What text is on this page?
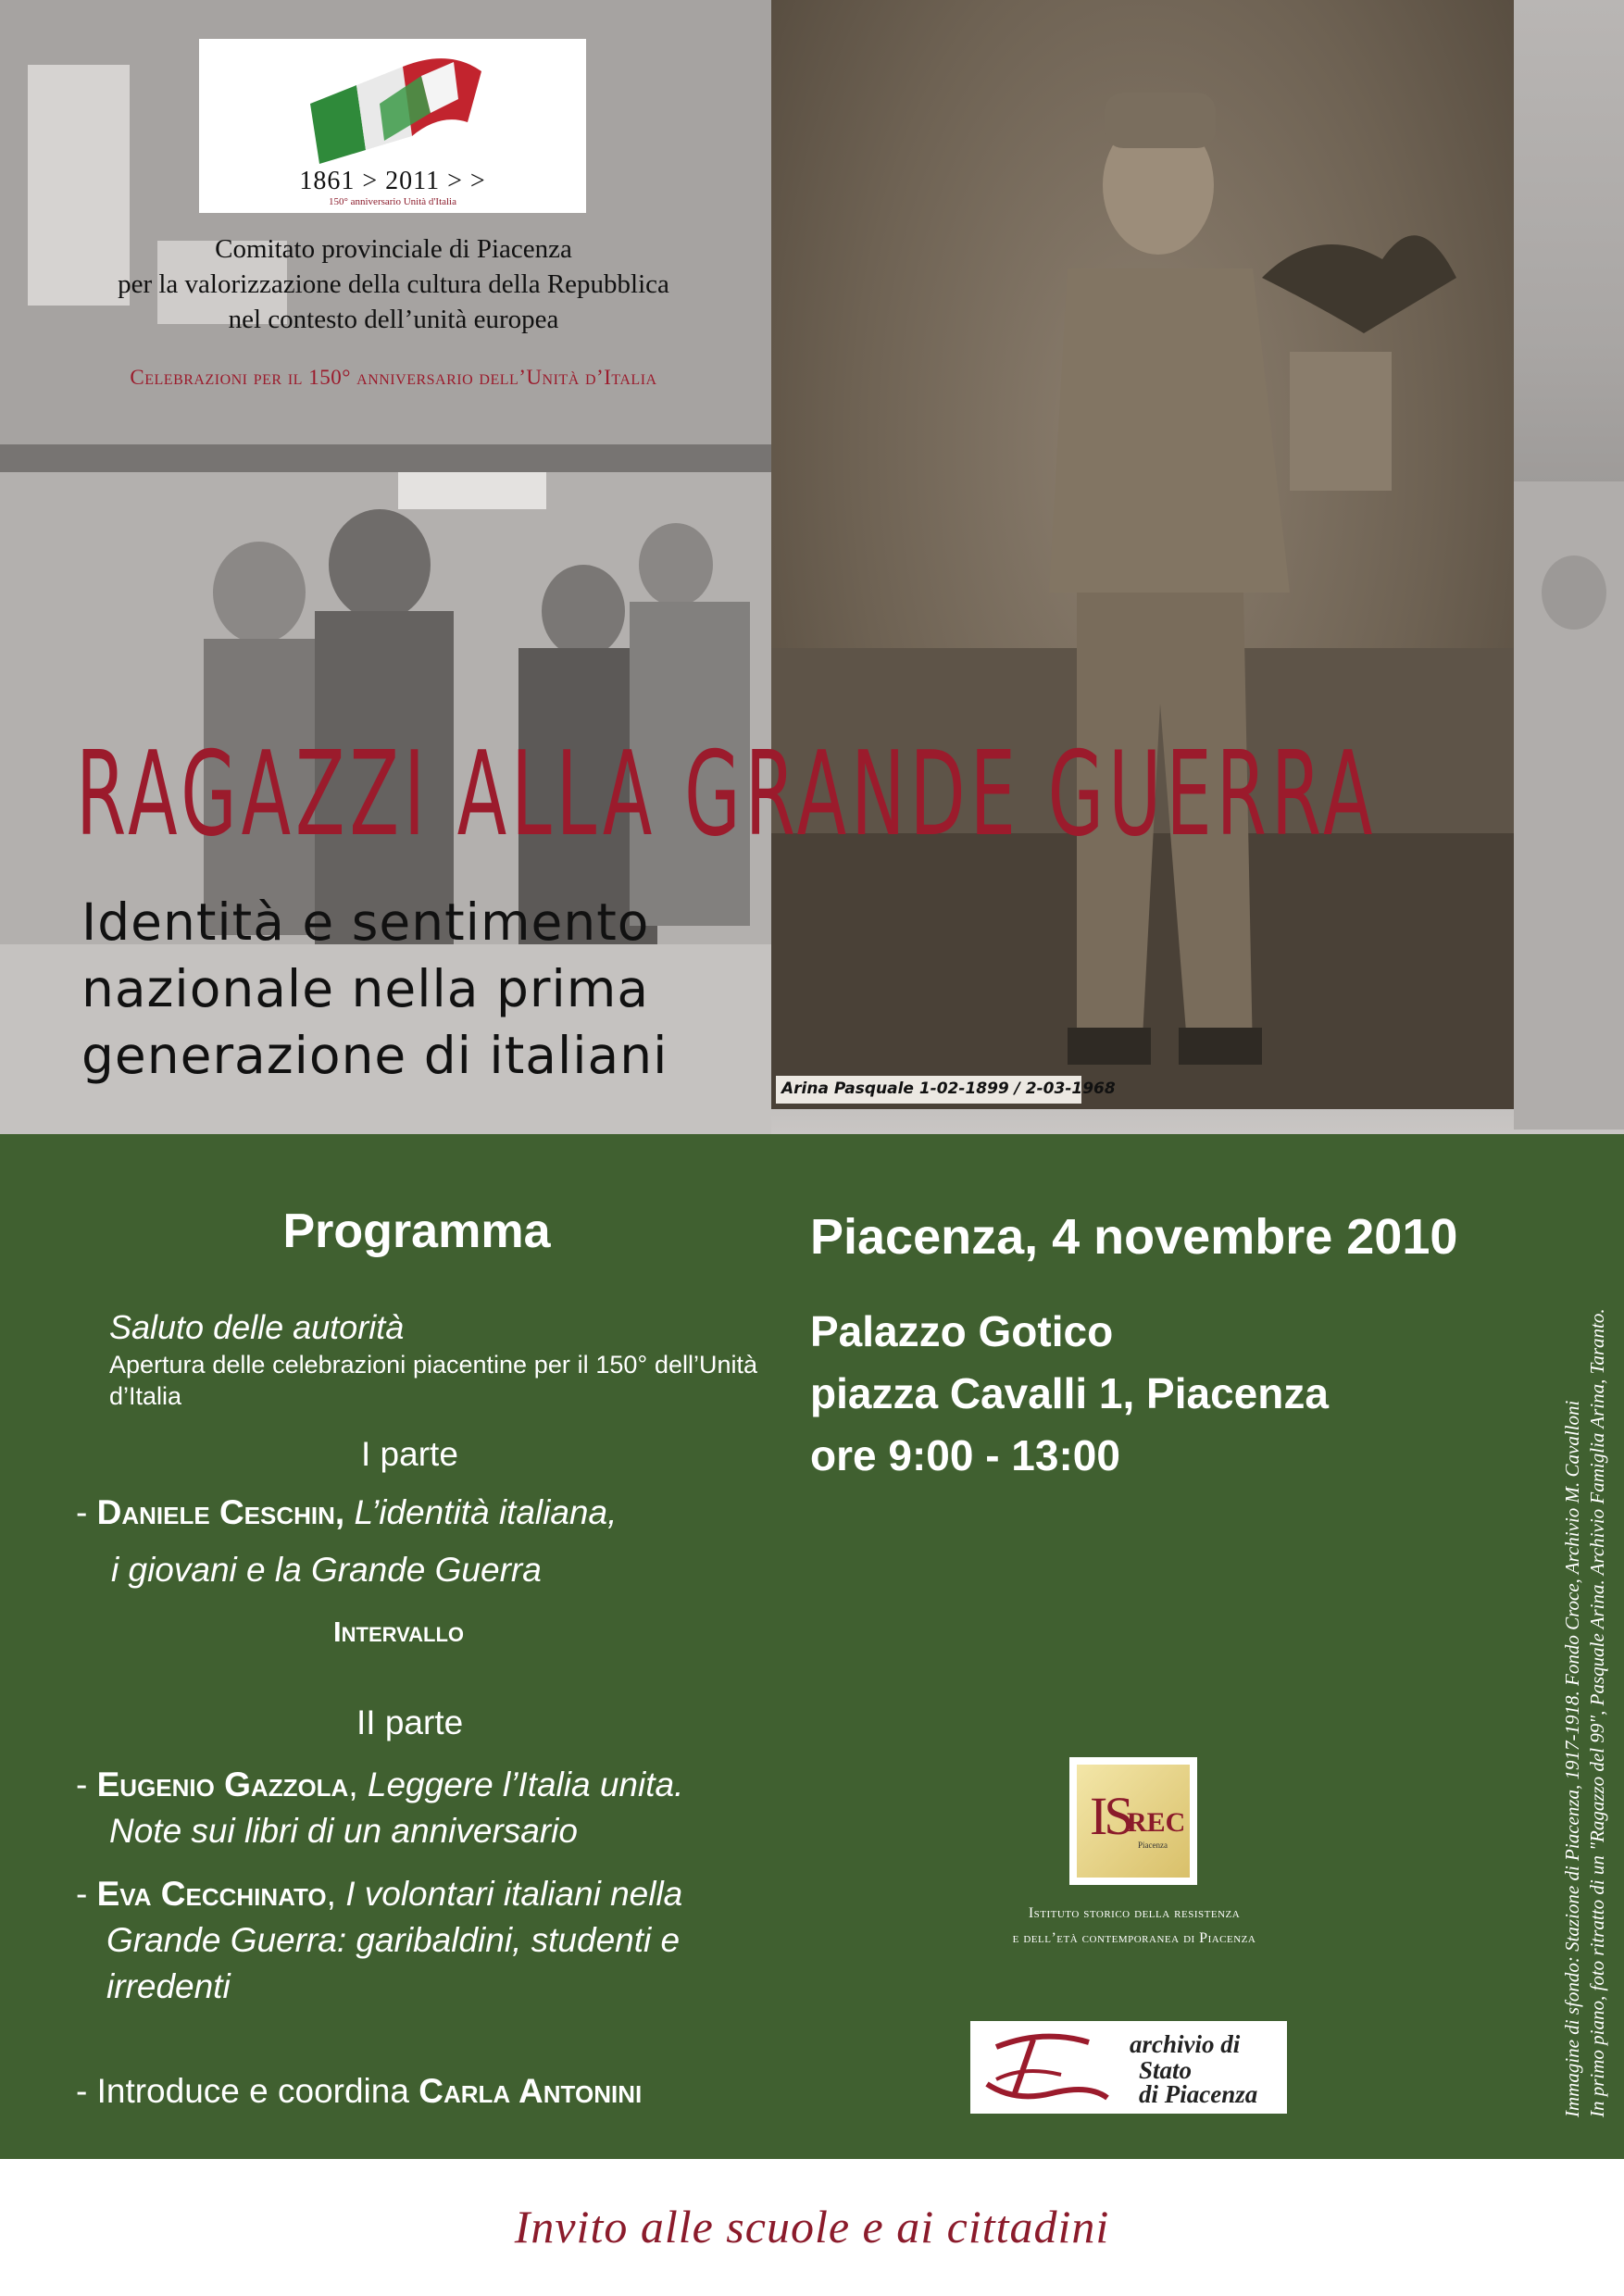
1861 > 2011 > >
150° anniversario Unità d'Italia
Comitato provinciale di Piacenza
per la valorizzazione della cultura della Repubblica
nel contesto dell’unità europea
Celebrazioni per il 150° anniversario dell’Unità d’Italia
Arina Pasquale 1-02-1899 / 2-03-1968
RAGAZZI ALLA GRANDE GUERRA
Identità e sentimento
nazionale nella prima
generazione di italiani
Programma
Saluto delle autorità
Apertura delle celebrazioni piacentine per il 150° dell’Unità d’Italia
I parte
- Daniele Ceschin, L’identità italiana,
i giovani e la Grande Guerra
Intervallo
II parte
- Eugenio Gazzola, Leggere l’Italia unita.
Note sui libri di un anniversario
- Eva Cecchinato, I volontari italiani nella
Grande Guerra: garibaldini, studenti e
irredenti
- Introduce e coordina Carla Antonini
Piacenza, 4 novembre 2010
Palazzo Gotico
piazza Cavalli 1, Piacenza
ore 9:00 - 13:00
IS
REC
Piacenza
Istituto storico della resistenza
e dell’età contemporanea di Piacenza
archivio di
Stato
di Piacenza	Immagine di sfondo: Stazione di Piacenza, 1917-1918. Fondo Croce, Archivio M. Cavalloni In primo piano, foto ritratto di un "Ragazzo del 99", Pasquale Arina. Archivio Famiglia Arina, Taranto.
Invito alle scuole e ai cittadini
